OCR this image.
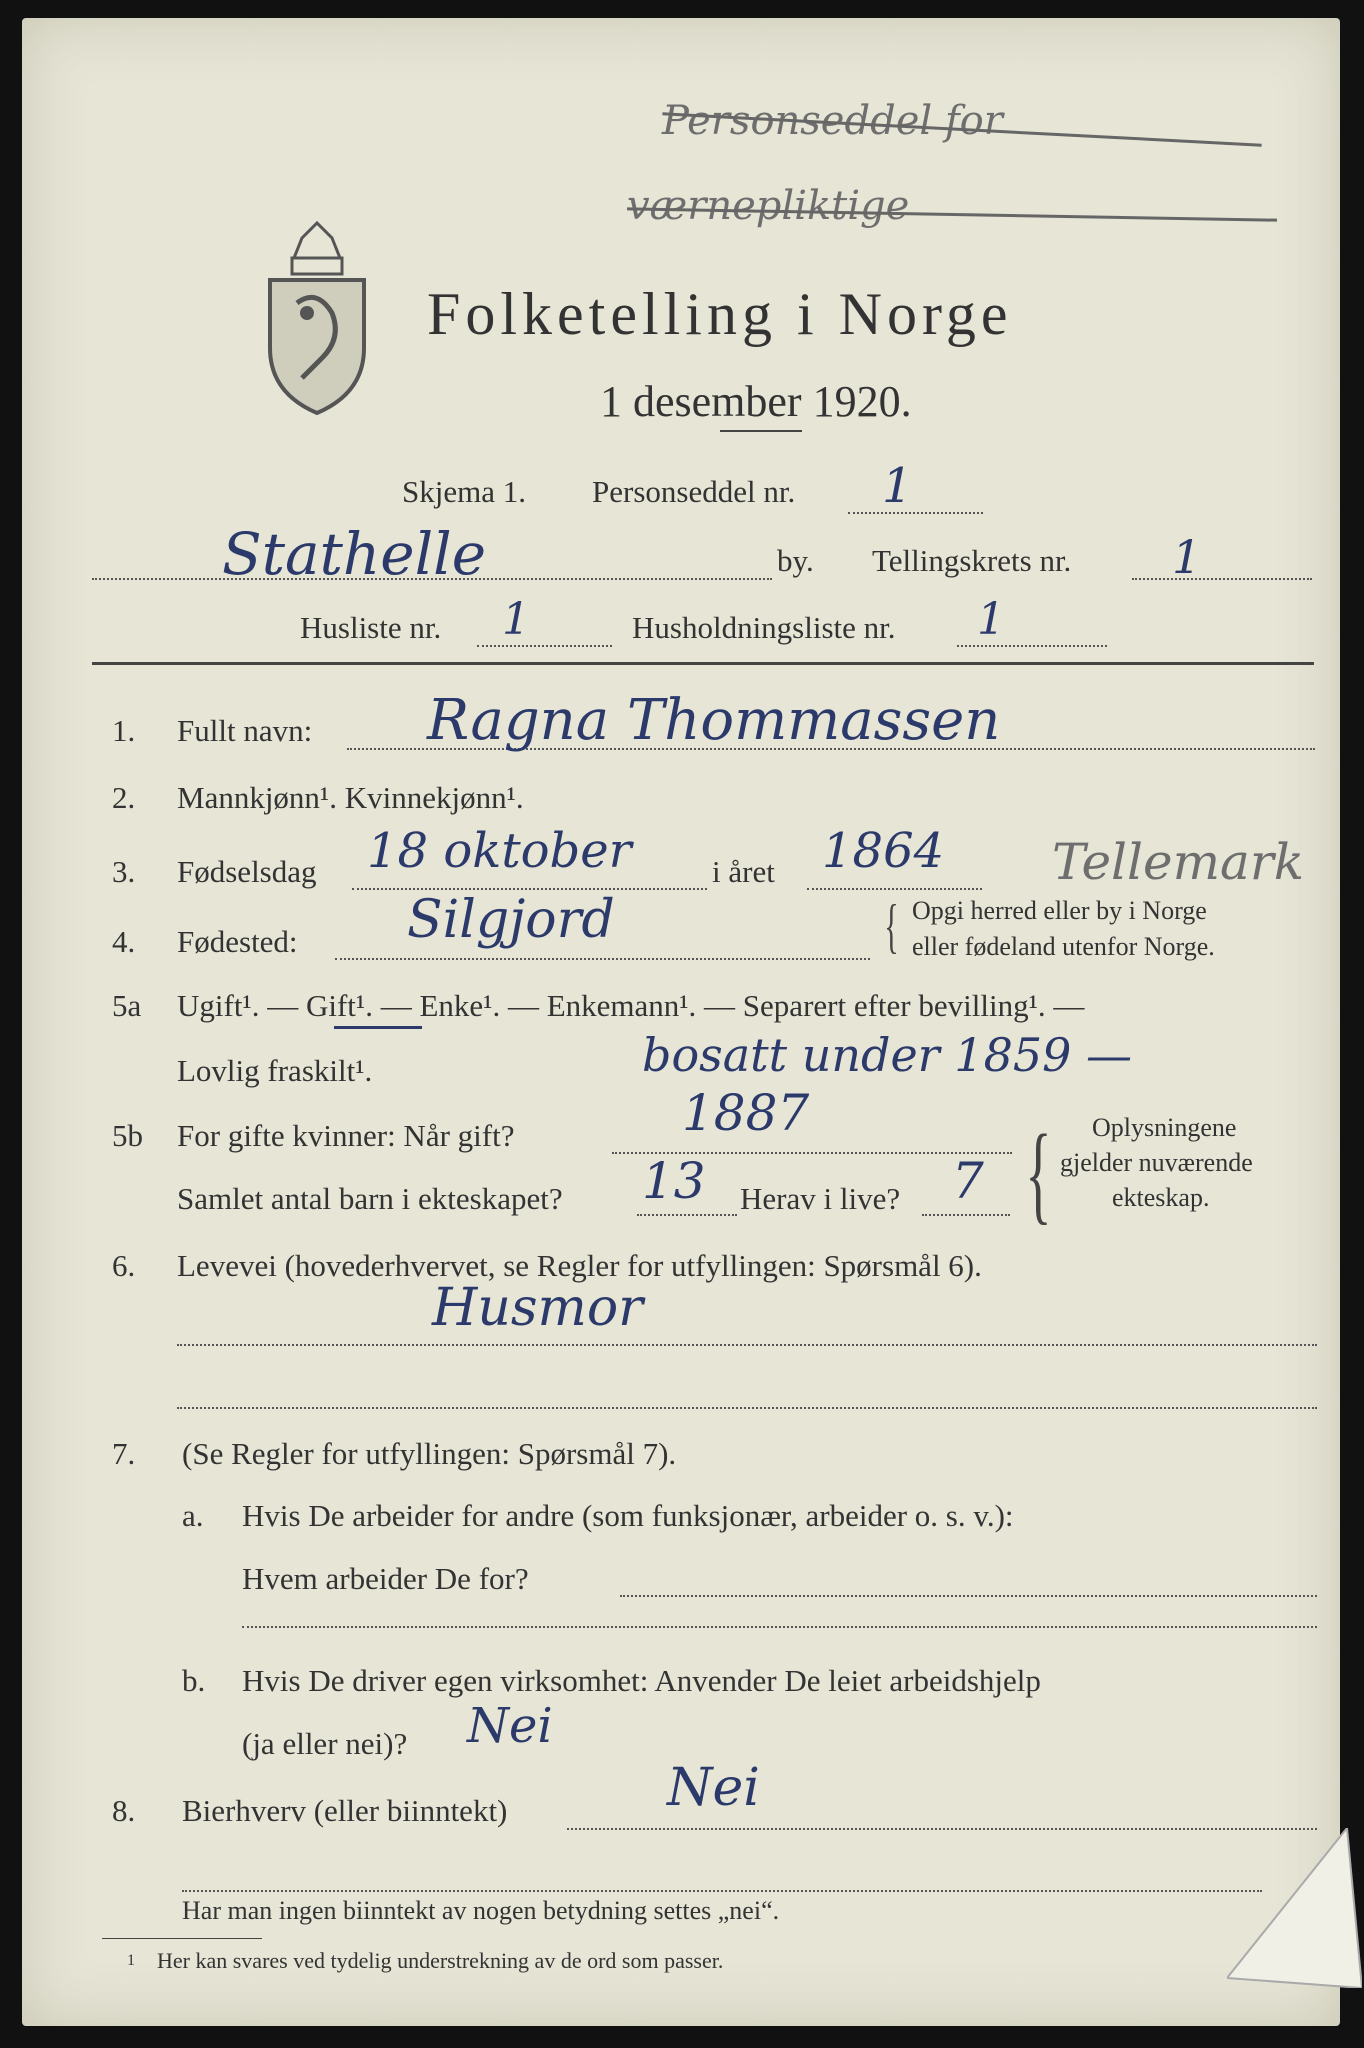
Personseddel for
værnepliktige
Folketelling i Norge
1 desember 1920.
Skjema 1. Personseddel nr. 1
Stathelle	by. Tellingskrets nr. 1
Husliste nr. 1	Husholdningsliste nr. 1
1. Fullt navn: Ragna Thommassen
2. Mannkjønn¹. Kvinnekjønn¹.
3. Fødselsdag 18 oktober	i året 1864 Tellemark
4. Fødested: Silgjord	{ Opgi herred eller by i Norge
eller fødeland utenfor Norge.
5a Ugift¹. — Gift¹. — Enke¹. — Enkemann¹. — Separert efter bevilling¹. —
Lovlig fraskilt¹.	bosatt under 1859 —
5b For gifte kvinner: Når gift?	1887
Samlet antal barn i ekteskapet? 13 Herav i live? 7 { Oplysningene
gjelder nuværende
ekteskap.
6. Levevei (hovederhvervet, se Regler for utfyllingen: Spørsmål 6).
Husmor
7. (Se Regler for utfyllingen: Spørsmål 7).
a. Hvis De arbeider for andre (som funksjonær, arbeider o. s. v.):
Hvem arbeider De for?
b. Hvis De driver egen virksomhet: Anvender De leiet arbeidshjelp
(ja eller nei)? Nei
8. Bierhverv (eller biinntekt)	Nei
Har man ingen biinntekt av nogen betydning settes „nei“.
1 Her kan svares ved tydelig understrekning av de ord som passer.
